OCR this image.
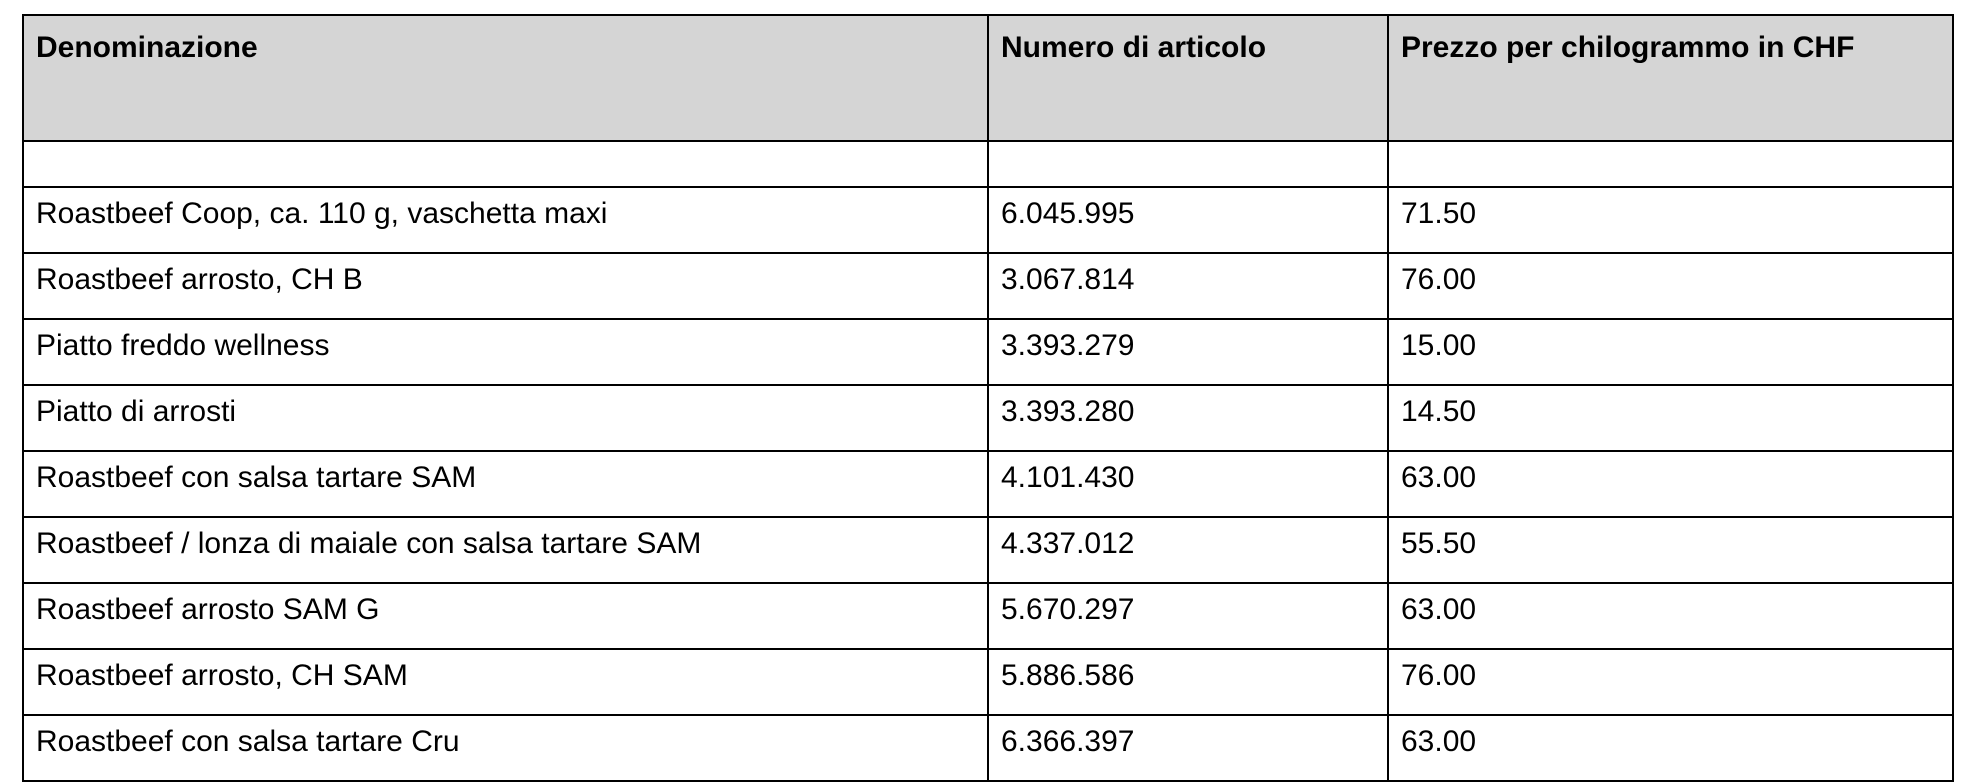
Denominazione	Numero di articolo	Prezzo per chilogrammo in CHF

Roastbeef Coop, ca. 110 g, vaschetta maxi	6.045.995	71.50
Roastbeef arrosto, CH B	3.067.814	76.00
Piatto freddo wellness	3.393.279	15.00
Piatto di arrosti	3.393.280	14.50
Roastbeef con salsa tartare SAM	4.101.430	63.00
Roastbeef / lonza di maiale con salsa tartare SAM	4.337.012	55.50
Roastbeef arrosto SAM G	5.670.297	63.00
Roastbeef arrosto, CH SAM	5.886.586	76.00
Roastbeef con salsa tartare Cru	6.366.397	63.00
